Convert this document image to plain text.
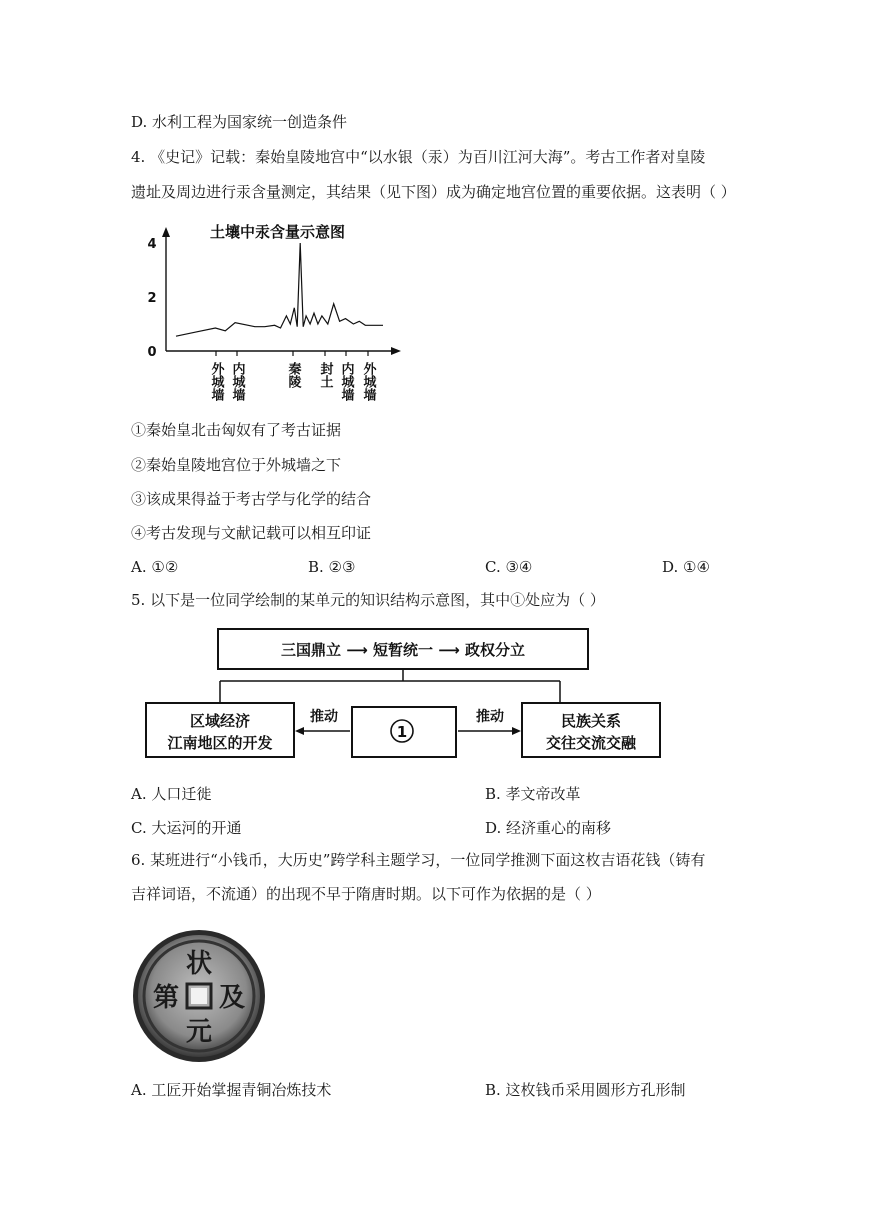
D. 水利工程为国家统一创造条件
4. 《史记》记载：秦始皇陵地宫中“以水银（汞）为百川江河大海”。考古工作者对皇陵
遗址及周边进行汞含量测定，其结果（见下图）成为确定地宫位置的重要依据。这表明（ ）
土壤中汞含量示意图
0
2
4
外城墙 内城墙	秦陵 封土 内城墙 外城墙
①秦始皇北击匈奴有了考古证据
②秦始皇陵地宫位于外城墙之下
③该成果得益于考古学与化学的结合
④考古发现与文献记载可以相互印证
A. ①②	B. ②③	C. ③④	D. ①④
5. 以下是一位同学绘制的某单元的知识结构示意图，其中①处应为（ ）
三国鼎立 ⟶ 短暂统一 ⟶ 政权分立
区域经济
江南地区的开发
1
民族关系
交往交流交融
推动	推动
A. 人口迁徙	B. 孝文帝改革
C. 大运河的开通	D. 经济重心的南移
6. 某班进行“小钱币，大历史”跨学科主题学习，一位同学推测下面这枚吉语花钱（铸有
吉祥词语，不流通）的出现不早于隋唐时期。以下可作为依据的是（ ）
状
元
及
第
A. 工匠开始掌握青铜冶炼技术	B. 这枚钱币采用圆形方孔形制
